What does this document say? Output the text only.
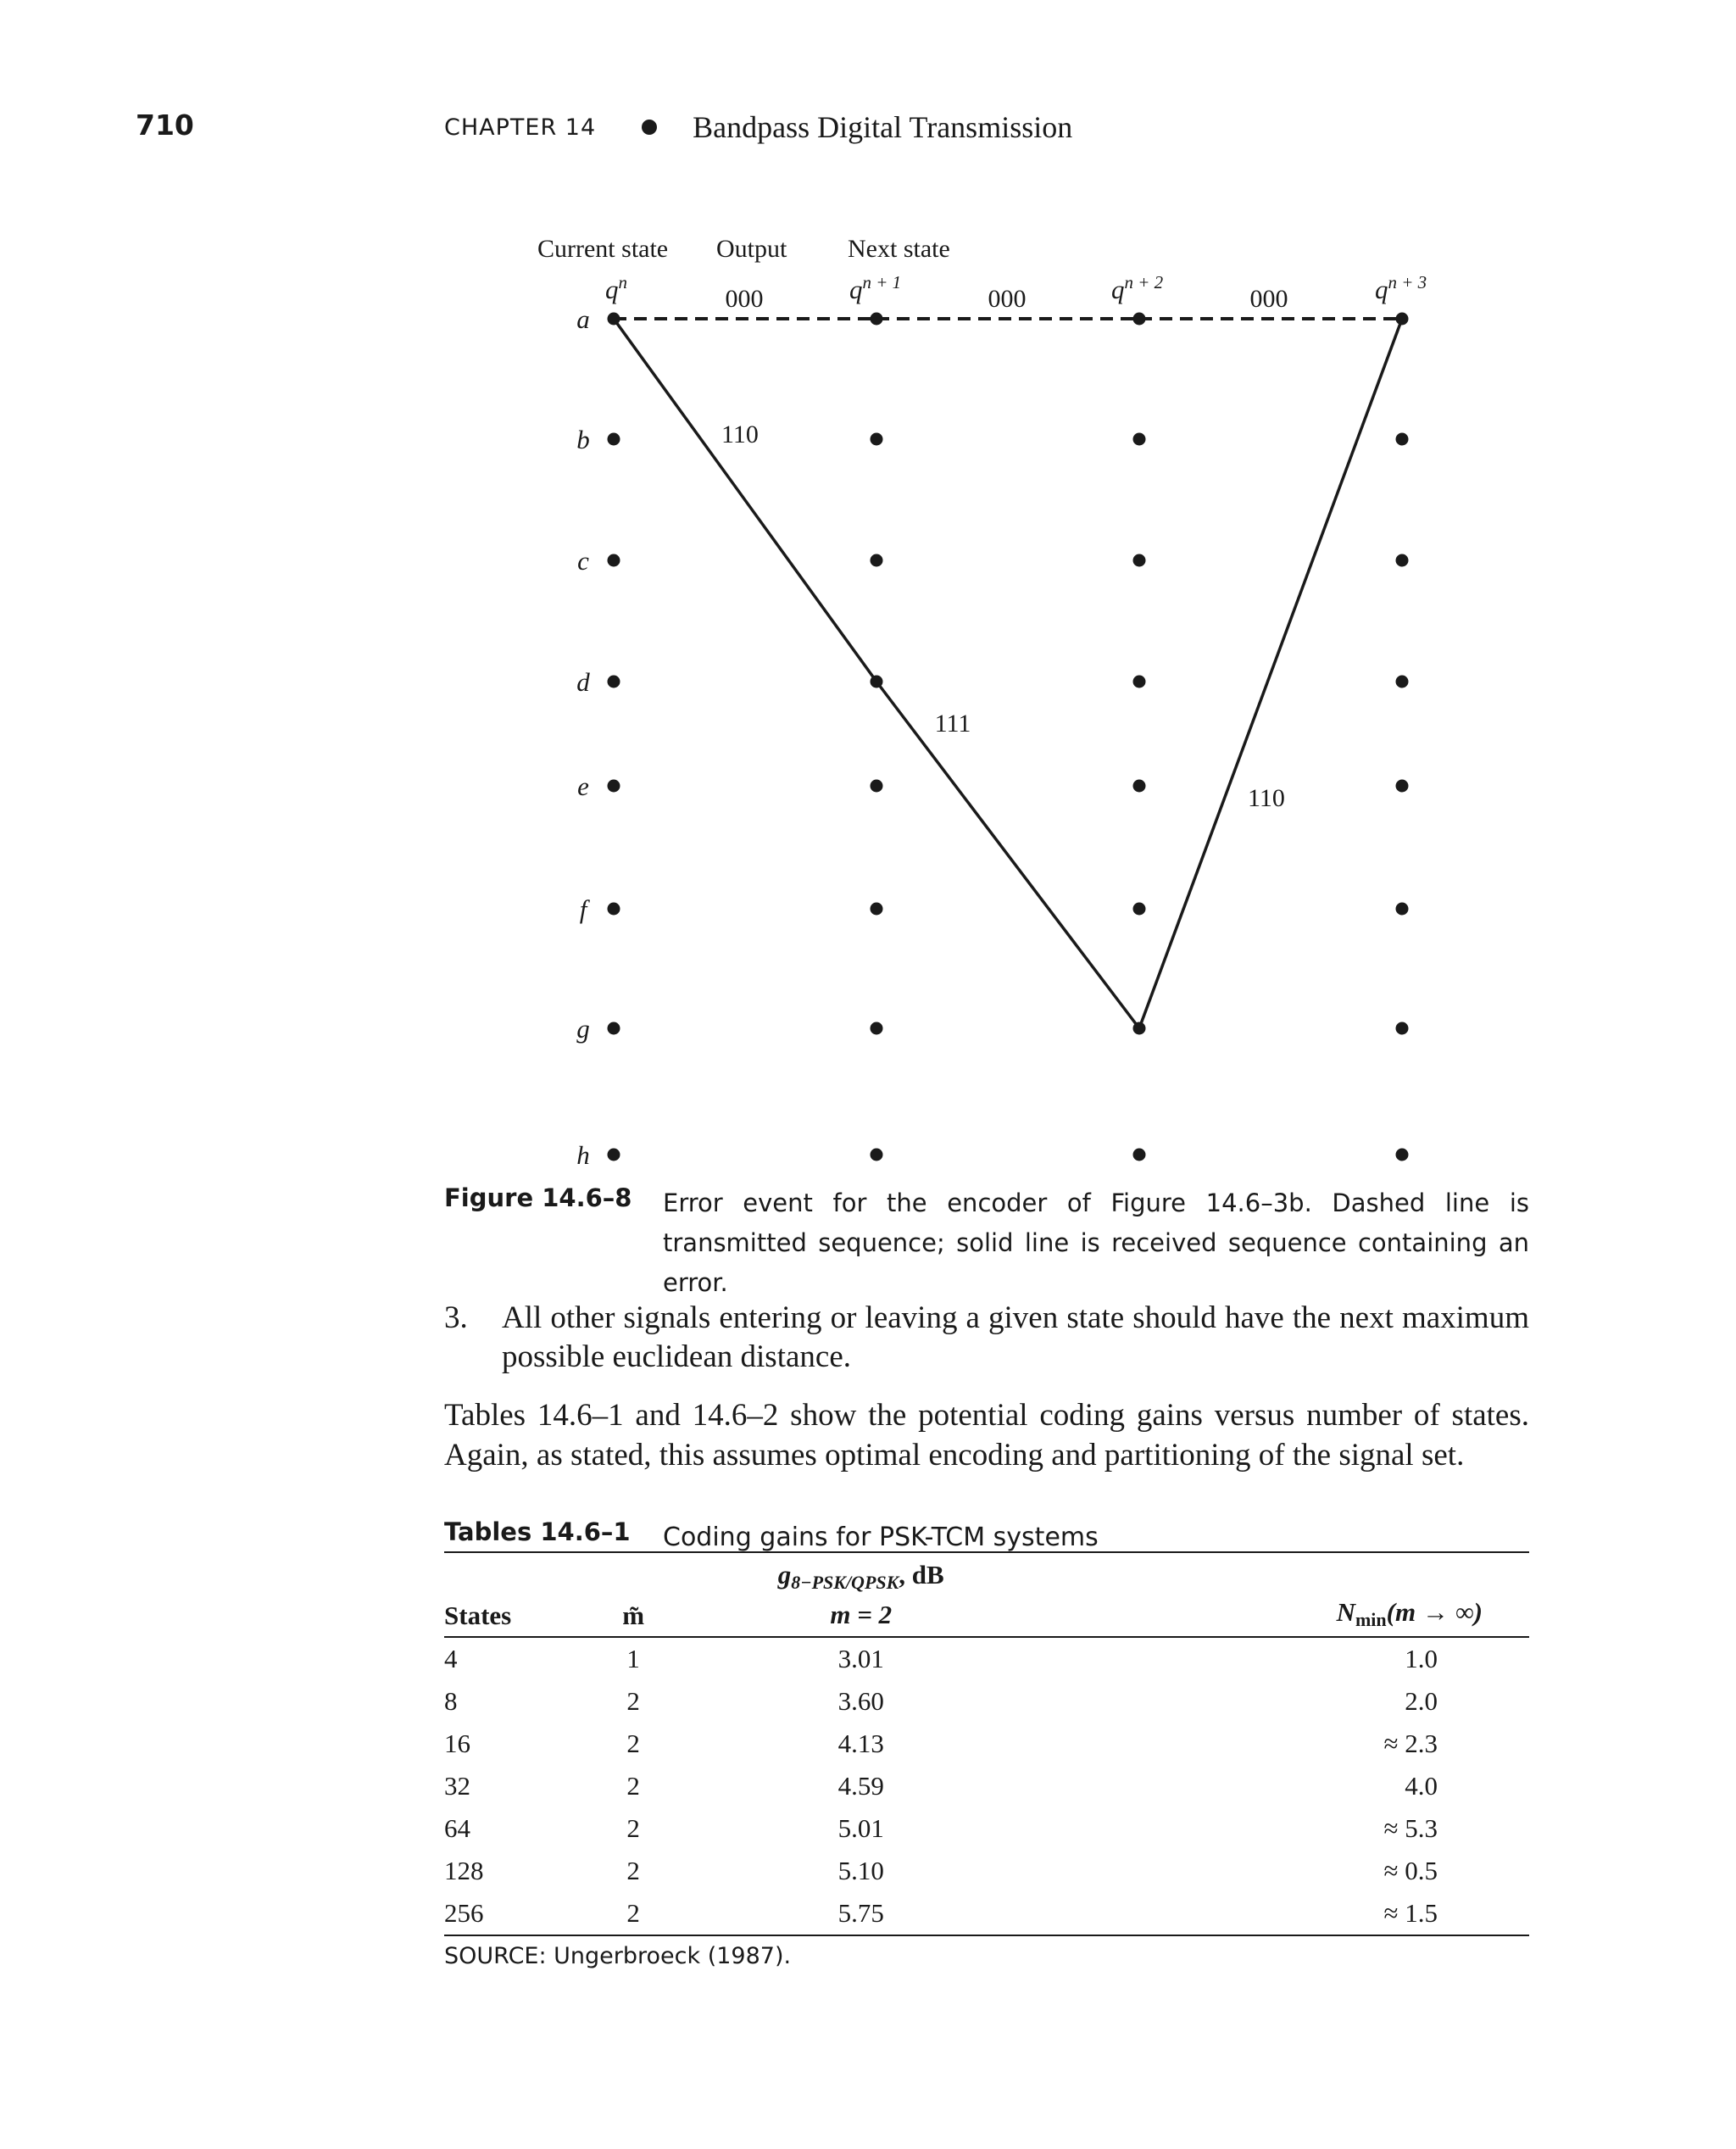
710	CHAPTER 14	Bandpass Digital Transmission
Current state Output Next state
$q^n$	$q^{n + 1}$	$q^{n + 2}$	$q^{n + 3}$
a
b
c
d
e
f
g
h
000	000	000
110
111
110
Figure 14.6–8 Error event for the encoder of Figure 14.6–3b. Dashed line is transmitted sequence; solid line is received sequence containing an error.
3. All other signals entering or leaving a given state should have the next maximum possible euclidean distance.
Tables 14.6–1 and 14.6–2 show the potential coding gains versus number of states. Again, as stated, this assumes optimal encoding and partitioning of the signal set.
Tables 14.6–1 Coding gains for PSK-TCM systems
States	m̃	$g_{8-PSK/QPSK}$, dB
m = 2	$N_{min}(m$ → ∞)
4	1	3.01	1.0
8	2	3.60	2.0
16	2	4.13	≈ 2.3
32	2	4.59	4.0
64	2	5.01	≈ 5.3
128	2	5.10	≈ 0.5
256	2	5.75	≈ 1.5
SOURCE: Ungerbroeck (1987).
